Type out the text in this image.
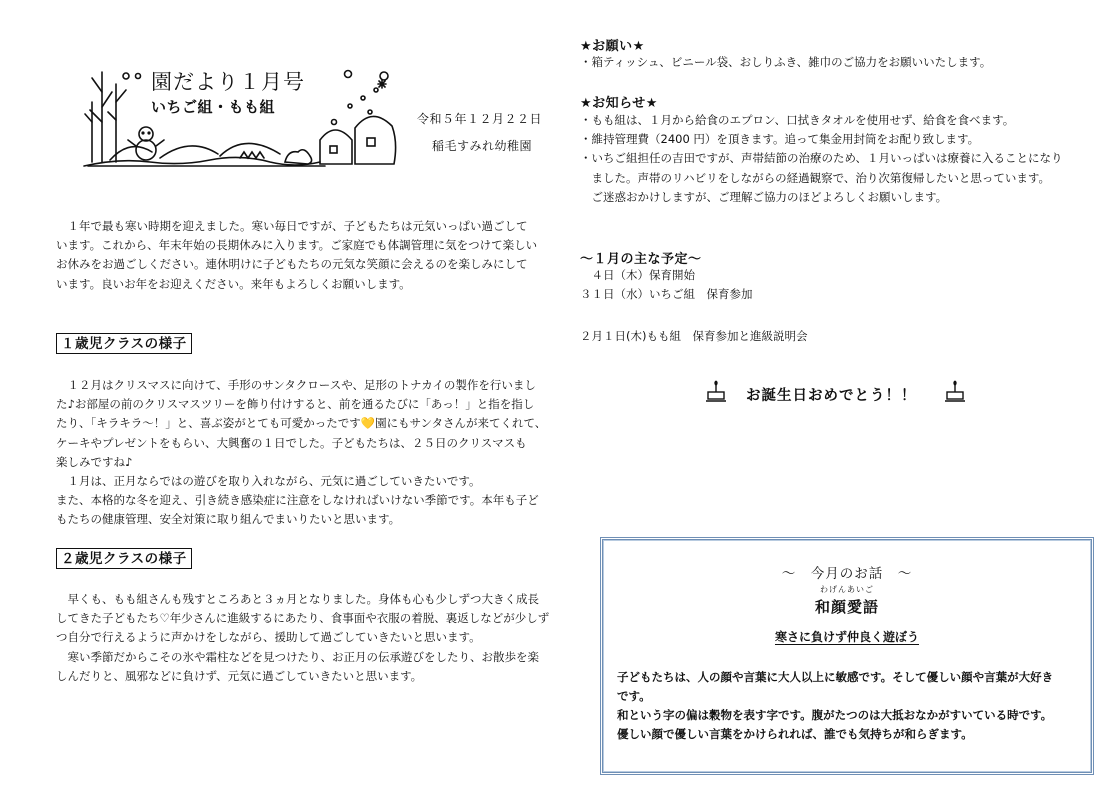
園だより１月号
いちご組・もも組
令和５年１２月２２日
稲毛すみれ幼稚園

　１年で最も寒い時期を迎えました。寒い毎日ですが、子どもたちは元気いっぱい過ごして

います。これから、年末年始の長期休みに入ります。ご家庭でも体調管理に気をつけて楽しい

お休みをお過ごしください。連休明けに子どもたちの元気な笑顔に会えるのを楽しみにして

います。良いお年をお迎えください。来年もよろしくお願いします。

１歳児クラスの様子

　１２月はクリスマスに向けて、手形のサンタクロースや、足形のトナカイの製作を行いまし

た♪お部屋の前のクリスマスツリーを飾り付けすると、前を通るたびに「あっ！」と指を指し

たり、「キラキラ～！」と、喜ぶ姿がとても可愛かったです💛園にもサンタさんが来てくれて、

ケーキやプレゼントをもらい、大興奮の１日でした。子どもたちは、２５日のクリスマスも

楽しみですね♪

　１月は、正月ならではの遊びを取り入れながら、元気に過ごしていきたいです。

また、本格的な冬を迎え、引き続き感染症に注意をしなければいけない季節です。本年も子ど

もたちの健康管理、安全対策に取り組んでまいりたいと思います。

２歳児クラスの様子

　早くも、もも組さんも残すところあと３ヵ月となりました。身体も心も少しずつ大きく成長

してきた子どもたち♡年少さんに進級するにあたり、食事面や衣服の着脱、裏返しなどが少しず

つ自分で行えるように声かけをしながら、援助して過ごしていきたいと思います。

　寒い季節だからこその氷や霜柱などを見つけたり、お正月の伝承遊びをしたり、お散歩を楽

しんだりと、風邪などに負けず、元気に過ごしていきたいと思います。

★お願い★

・箱ティッシュ、ビニール袋、おしりふき、雑巾のご協力をお願いいたします。

★お知らせ★

・もも組は、１月から給食のエプロン、口拭きタオルを使用せず、給食を食べます。

・維持管理費（2400 円）を頂きます。追って集金用封筒をお配り致します。

・いちご組担任の吉田ですが、声帯結節の治療のため、１月いっぱいは療養に入ることになり

　ました。声帯のリハビリをしながらの経過観察で、治り次第復帰したいと思っています。

　ご迷惑おかけしますが、ご理解ご協力のほどよろしくお願いします。

～１月の主な予定～

　４日（木）保育開始

３１日（水）いちご組　保育参加

２月１日(木)もも組　保育参加と進級説明会
お誕生日おめでとう！！
～　今月のお話　～
わげんあいご
和顔愛語
寒さに負けず仲良く遊ぼう

子どもたちは、人の顔や言葉に大人以上に敏感です。そして優しい顔や言葉が大好き

です。

和という字の偏は穀物を表す字です。腹がたつのは大抵おなかがすいている時です。

優しい顔で優しい言葉をかけられれば、誰でも気持ちが和らぎます。
